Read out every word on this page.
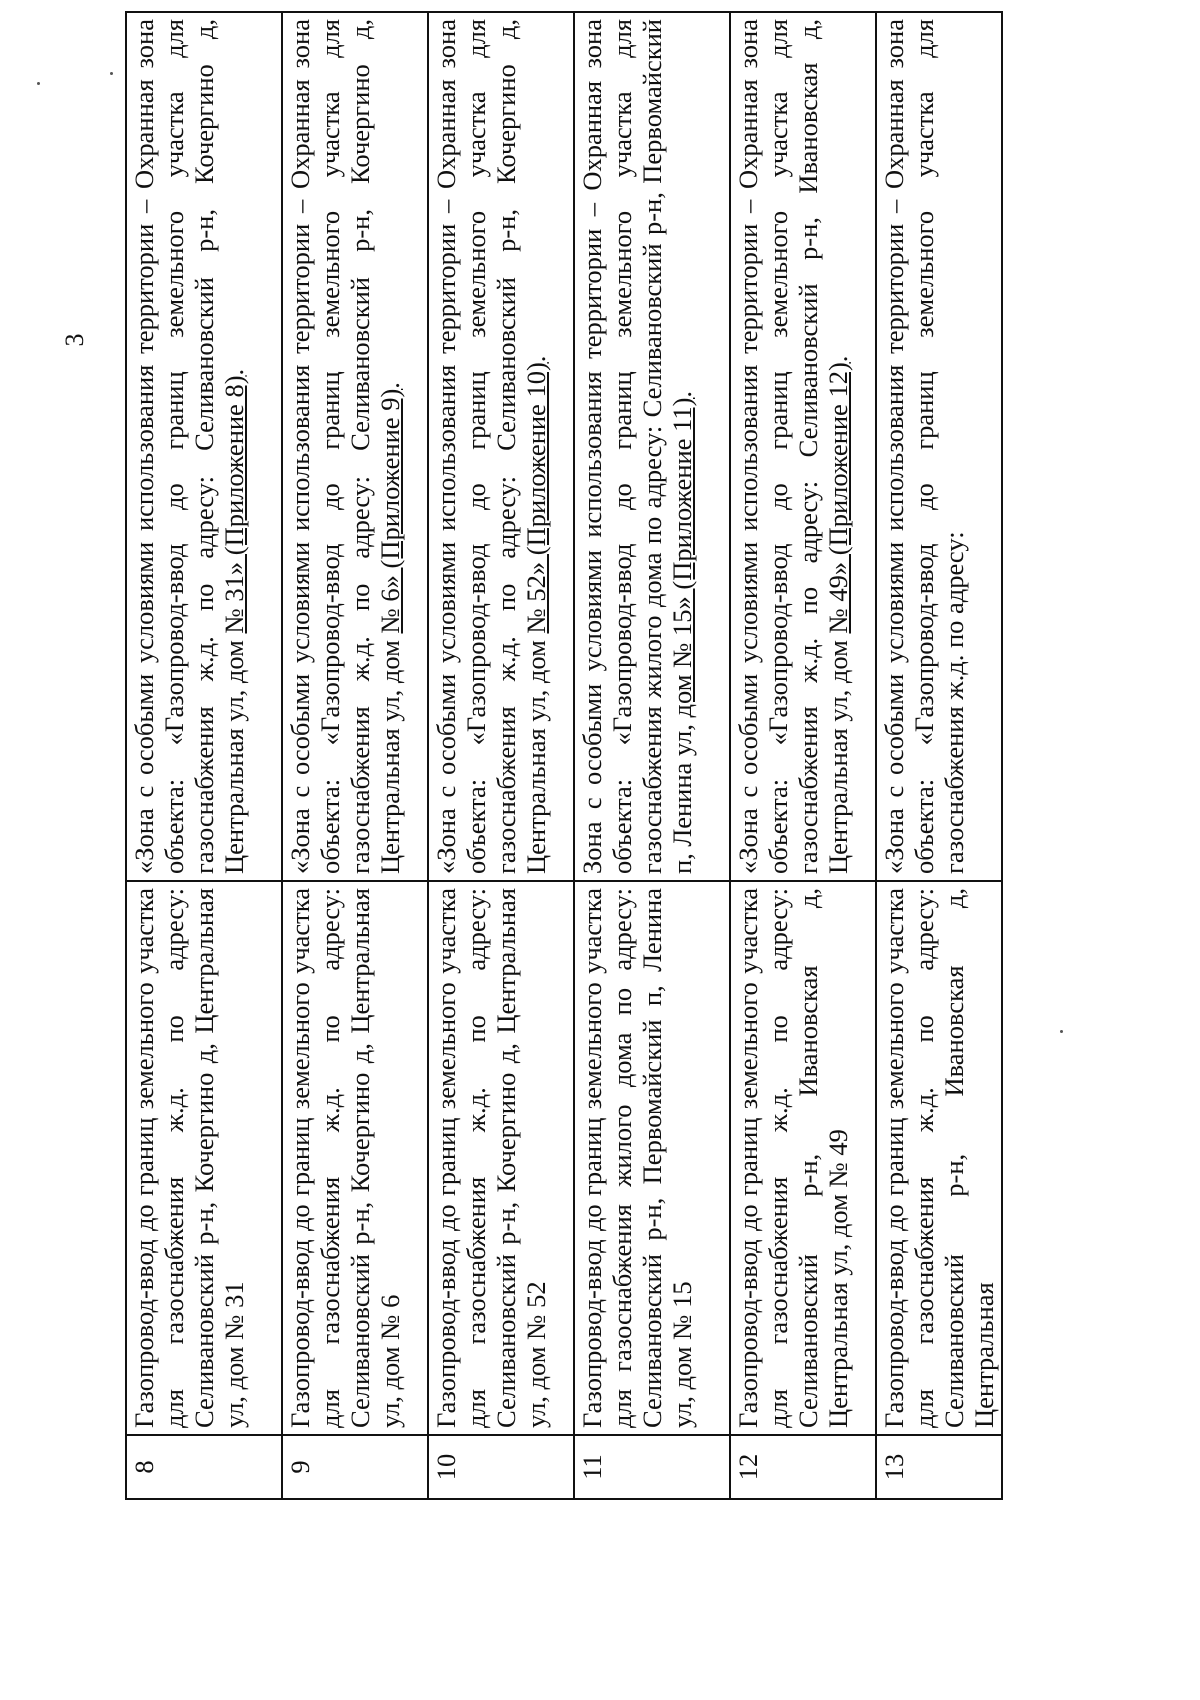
3
8	Газопровод-ввод до границ земельного участка для газоснабжения ж.д. по адресу: Селивановский р-н, Кочергино д, Центральная ул, дом № 31	«Зона с особыми условиями использования территории – Охранная зона объекта: «Газопровод-ввод до границ земельного участка для газоснабжения ж.д. по адресу: Селивановский р-н, Кочергино д, Центральная ул, дом № 31» (Приложение 8).
9	Газопровод-ввод до границ земельного участка для газоснабжения ж.д. по адресу: Селивановский р-н, Кочергино д, Центральная ул, дом № 6	«Зона с особыми условиями использования территории – Охранная зона объекта: «Газопровод-ввод до границ земельного участка для газоснабжения ж.д. по адресу: Селивановский р-н, Кочергино д, Центральная ул, дом № 6» (Приложение 9).
10	Газопровод-ввод до границ земельного участка для газоснабжения ж.д. по адресу: Селивановский р-н, Кочергино д, Центральная ул, дом № 52	«Зона с особыми условиями использования территории – Охранная зона объекта: «Газопровод-ввод до границ земельного участка для газоснабжения ж.д. по адресу: Селивановский р-н, Кочергино д, Центральная ул, дом № 52» (Приложение 10).
11	Газопровод-ввод до границ земельного участка для газоснабжения жилого дома по адресу: Селивановский р-н, Первомайский п, Ленина ул, дом № 15	Зона с особыми условиями использования территории – Охранная зона объекта: «Газопровод-ввод до границ земельного участка для газоснабжения жилого дома по адресу: Селивановский р-н, Первомайский п, Ленина ул, дом № 15» (Приложение 11).
12	Газопровод-ввод до границ земельного участка для газоснабжения ж.д. по адресу: Селивановский р-н, Ивановская д, Центральная ул, дом № 49	«Зона с особыми условиями использования территории – Охранная зона объекта: «Газопровод-ввод до границ земельного участка для газоснабжения ж.д. по адресу: Селивановский р-н, Ивановская д, Центральная ул, дом № 49» (Приложение 12).
13	Газопровод-ввод до границ земельного участка для газоснабжения ж.д. по адресу: Селивановский р-н, Ивановская д, Центральная	«Зона с особыми условиями использования территории – Охранная зона объекта: «Газопровод-ввод до границ земельного участка для газоснабжения ж.д. по адресу:
